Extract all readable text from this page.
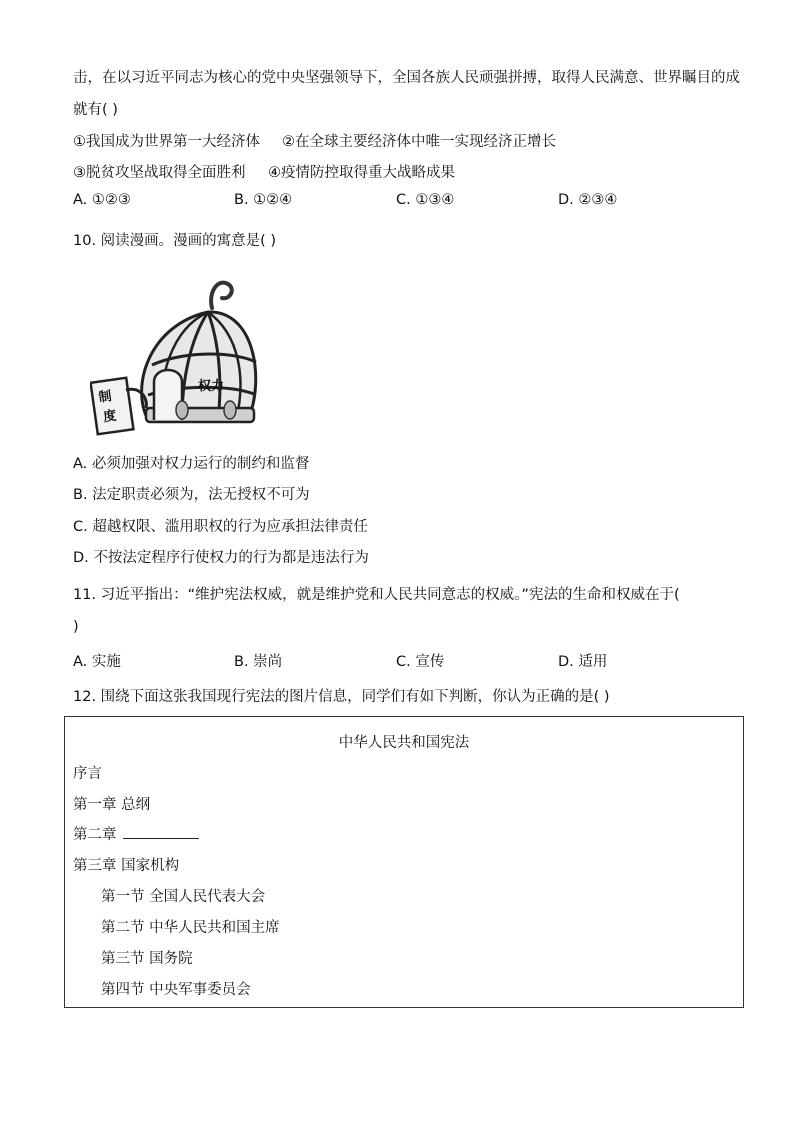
击，在以习近平同志为核心的党中央坚强领导下，全国各族人民顽强拼搏，取得人民满意、世界瞩目的成
就有( )
①我国成为世界第一大经济体 ②在全球主要经济体中唯一实现经济正增长
③脱贫攻坚战取得全面胜利 ④疫情防控取得重大战略成果
A. ①②③	B. ①②④	C. ①③④	D. ②③④
10. 阅读漫画。漫画的寓意是( )
权力
制
度
A. 必须加强对权力运行的制约和监督
B. 法定职责必须为，法无授权不可为
C. 超越权限、滥用职权的行为应承担法律责任
D. 不按法定程序行使权力的行为都是违法行为
11. 习近平指出：“维护宪法权威，就是维护党和人民共同意志的权威。”宪法的生命和权威在于(
)
A. 实施	B. 崇尚	C. 宣传	D. 适用
12. 围绕下面这张我国现行宪法的图片信息，同学们有如下判断，你认为正确的是( )
中华人民共和国宪法
序言
第一章 总纲
第二章
第三章 国家机构
第一节 全国人民代表大会
第二节 中华人民共和国主席
第三节 国务院
第四节 中央军事委员会
